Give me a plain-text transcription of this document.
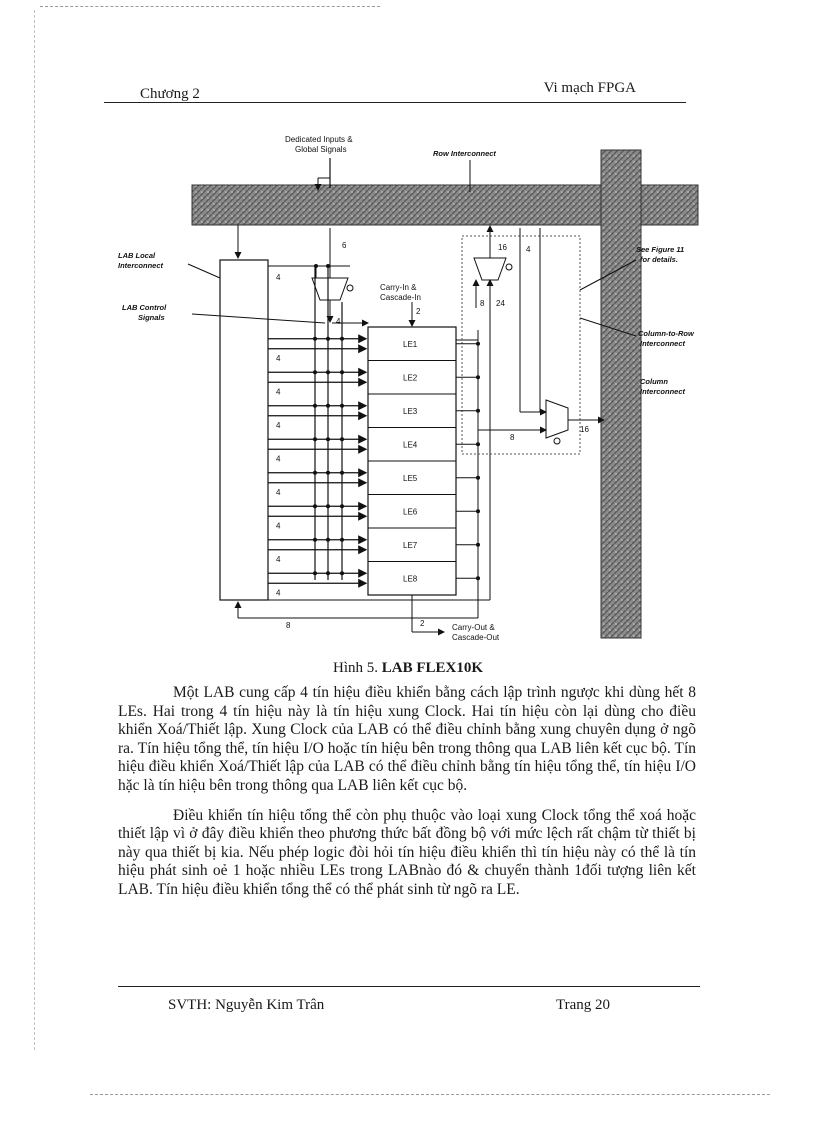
Chương 2	Vi mạch FPGA
Dedicated Inputs &
Global Signals	Row Interconnect
LAB Local
Interconnect
LAB Control
Signals
6
4
4
Carry-In &
Cascade-In
2
LE1
LE2
LE3
LE4
LE5
LE6
LE7
LE8
8	2	Carry-Out &
Cascade-Out
16 4
8 24
8
16
See Figure 11
for details.
Column-to-Row
Interconnect
Column
Interconnect
4
4
4
4
4
4
4
4
Hình 5. LAB FLEX10K

Một LAB cung cấp 4 tín hiệu điều khiển bằng cách lập trình ngược khi dùng hết 8 LEs. Hai trong 4 tín hiệu này là tín hiệu xung Clock. Hai tín hiệu còn lại dùng cho điều khiển Xoá/Thiết lập. Xung Clock của LAB có thể điều chỉnh bằng xung chuyên dụng ở ngõ ra. Tín hiệu tổng thể, tín hiệu I/O hoặc tín hiệu bên trong thông qua LAB liên kết cục bộ. Tín hiệu điều khiển Xoá/Thiết lập của LAB có thể điều chỉnh bằng tín hiệu tổng thể, tín hiệu I/O hặc là tín hiệu bên trong thông qua LAB liên kết cục bộ.

Điều khiển tín hiệu tổng thể còn phụ thuộc vào loại xung Clock tổng thể xoá hoặc thiết lập vì ở đây điều khiển theo phương thức bất đồng bộ với mức lệch rất chậm từ thiết bị này qua thiết bị kia. Nếu phép logic đòi hỏi tín hiệu điều khiển thì tín hiệu này có thể là tín hiệu phát sinh oẻ 1 hoặc nhiều LEs trong LABnào đó & chuyển thành 1đối tượng liên kết LAB. Tín hiệu điều khiển tổng thể có thể phát sinh từ ngõ ra LE.

SVTH: Nguyễn Kim Trân	Trang 20
